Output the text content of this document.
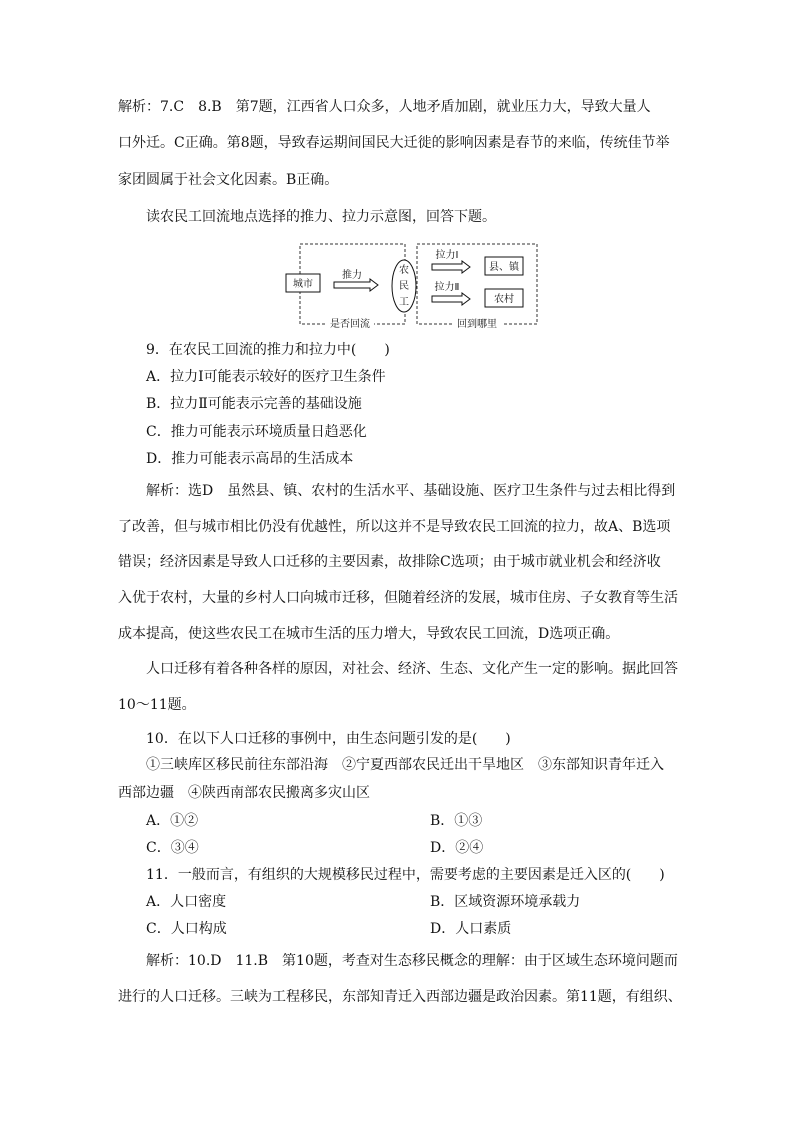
解析：7.C　8.B　第7题，江西省人口众多，人地矛盾加剧，就业压力大，导致大量人
口外迁。C正确。第8题，导致春运期间国民大迁徙的影响因素是春节的来临，传统佳节举
家团圆属于社会文化因素。B正确。
读农民工回流地点选择的推力、拉力示意图，回答下题。
城市
推力	农
民
工
拉力Ⅰ
拉力Ⅱ
县、镇
农村
是否回流	回到哪里
9．在农民工回流的推力和拉力中(　　)
A．拉力Ⅰ可能表示较好的医疗卫生条件
B．拉力Ⅱ可能表示完善的基础设施
C．推力可能表示环境质量日趋恶化
D．推力可能表示高昂的生活成本
解析：选D　虽然县、镇、农村的生活水平、基础设施、医疗卫生条件与过去相比得到
了改善，但与城市相比仍没有优越性，所以这并不是导致农民工回流的拉力，故A、B选项
错误；经济因素是导致人口迁移的主要因素，故排除C选项；由于城市就业机会和经济收
入优于农村，大量的乡村人口向城市迁移，但随着经济的发展，城市住房、子女教育等生活
成本提高，使这些农民工在城市生活的压力增大，导致农民工回流，D选项正确。
人口迁移有着各种各样的原因，对社会、经济、生态、文化产生一定的影响。据此回答
10～11题。
10．在以下人口迁移的事例中，由生态问题引发的是(　　)
①三峡库区移民前往东部沿海　②宁夏西部农民迁出干旱地区　③东部知识青年迁入
西部边疆　④陕西南部农民搬离多灾山区
A．①②	B．①③
C．③④	D．②④
11．一般而言，有组织的大规模移民过程中，需要考虑的主要因素是迁入区的(　　)
A．人口密度	B．区域资源环境承载力
C．人口构成	D．人口素质
解析：10.D　11.B　第10题，考查对生态移民概念的理解：由于区域生态环境问题而
进行的人口迁移。三峡为工程移民，东部知青迁入西部边疆是政治因素。第11题，有组织、
